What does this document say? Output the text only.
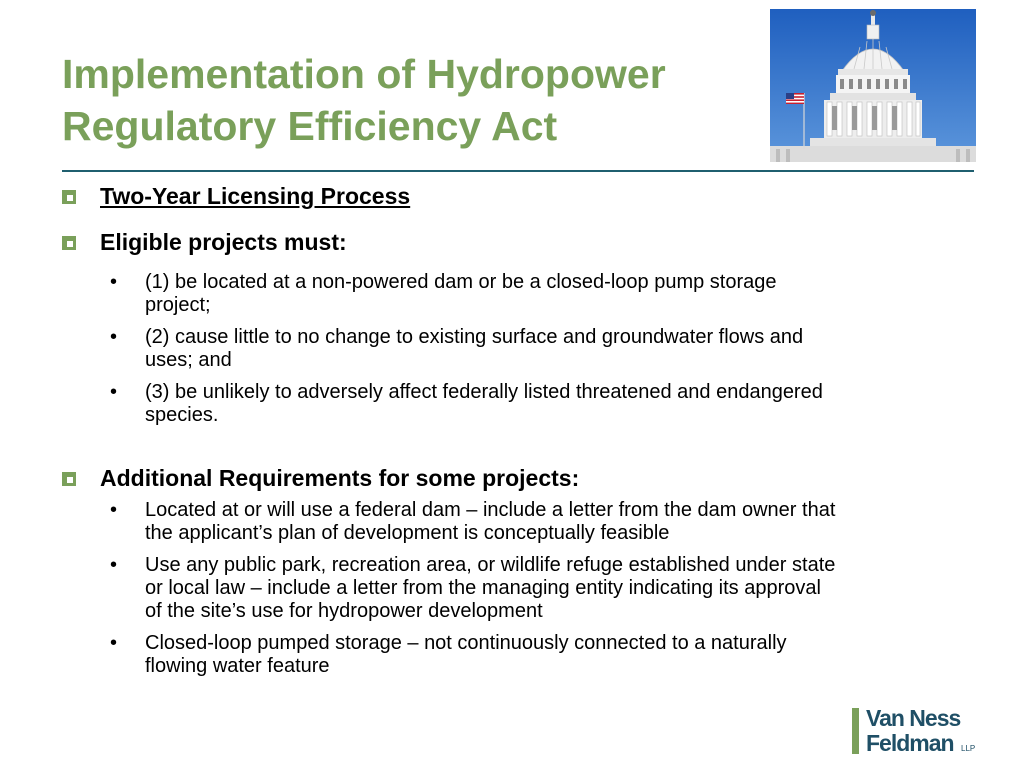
Implementation of Hydropower
Regulatory Efficiency Act
Two-Year Licensing Process
Eligible projects must:
•	(1) be located at a non-powered dam or be a closed-loop pump storage
project;
•	(2) cause little to no change to existing surface and groundwater flows and
uses; and
•	(3) be unlikely to adversely affect federally listed threatened and endangered
species.
Additional Requirements for some projects:
•	Located at or will use a federal dam – include a letter from the dam owner that
the applicant’s plan of development is conceptually feasible
•	Use any public park, recreation area, or wildlife refuge established under state
or local law – include a letter from the managing entity indicating its approval
of the site’s use for hydropower development
•	Closed-loop pumped storage – not continuously connected to a naturally
flowing water feature
Van Ness
Feldman LLP
